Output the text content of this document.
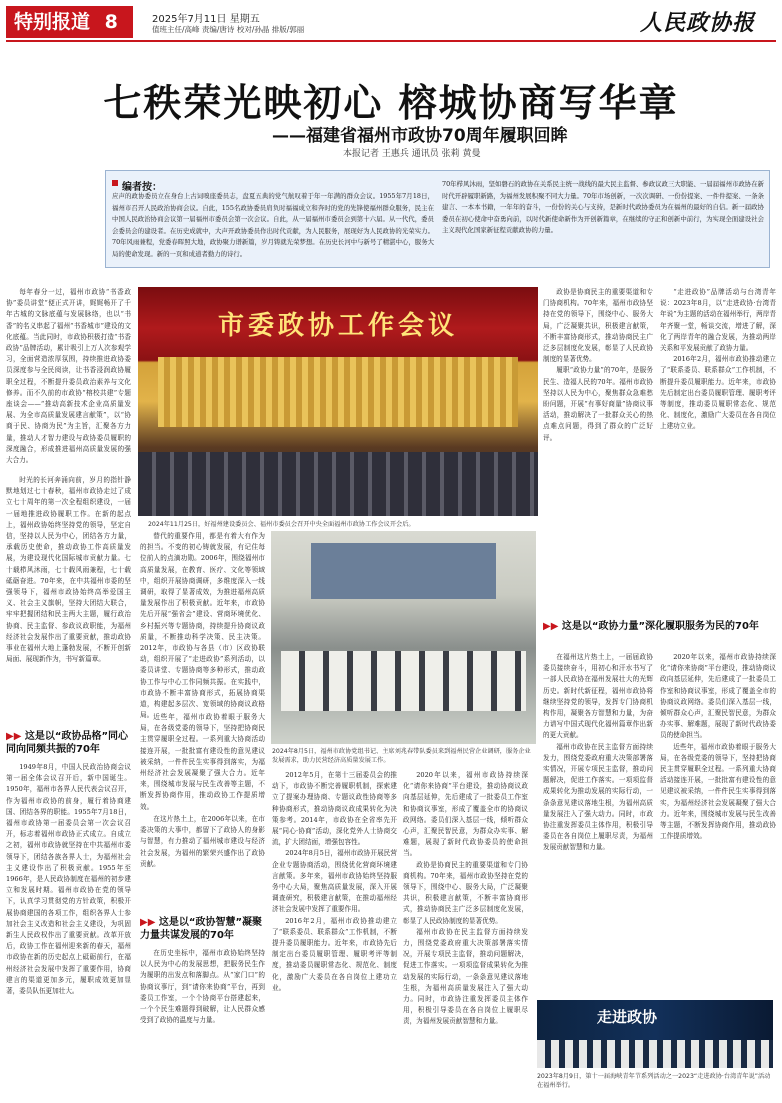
特别报道 8	2025年7月11日 星期五
值班主任/高峰 责编/唐诗 校对/孙晶 排版/郭丽	人民政协报
七秩荣光映初心 榕城协商写华章
——福建省福州市政协70周年履职回眸
本报记者 王惠兵 通讯员 张莉 黄曼
编者按：
应声的政协委员立在身台上古词嗅座委员志，盘夏五典的党气航叹着于年一年满的群众会议。1955年7月18日，福州市召开人民政治协商会议。自此，155名政协委员肩负时福福成立和奔时的党的先锋使福州群众服务，民主在中国人民政治协商会议第一届福州市委员会第一次会议。自此，从一届福州市委员会到第十六届。从一代代，委员会委员会的建设者。在历史成就中，大声开政协委员作出时代贡献，为人民服务，展现好为人民政协的光荣实力。70年风雨兼程，党委春晖照大地，政协聚力谱新篇，岁月铸就光荣梦想。在历史长河中与新号了精湛中心，服务大局的使命发现。新的一页和成道者勤力的诗行。
70年栉风沐雨，坚如磐石的政协在关系民主统一战线的最大民主监督、参政议政三大职能、一届届福州市政协在新时代开辟履职新路，为福州发展积聚不同大力量。70年市场创新，一次次调研、一份份提案、一件件提案、一条条建言、一本本书籍，一年年的奋斗，一份份的关心与支持，是新时代政协委员为在福州的最好的自信。新一届政协委员在初心使命中奋勇向前，以时代新使命新作为开创新篇章，在继续的守正和创新中前行，为实现全面建设社会主义现代化国家新征程贡献政协的力量。

每年春分一过，福州市政协“书香政协”委员讲堂“便正式开讲，娓娓畅开了千年古城的文脉底蕴与发展脉络，也以“书香”的名义串起了福州“书香城市”建设的文化底蕴。当此同时，市政协积极打造“书香政协”品牌活动，累计吸引上万人次参观学习，全面营造浓厚氛围，持续推进政协委员深度参与全民阅读，让书香浸润政协履职全过程，不断提升委员政治素养与文化修养。而不久前的市政协“榕校共建”专题座谈会——“推动高新技术企业高质量发展、为全市高质量发展建言献策”，以“协商于民、协商为民”为主旨，汇聚各方力量，推动人才智力建设与政协委员履职的深度融合，形成推进福州高质量发展的强大合力。

时光的长河奔涌向前，岁月的指针静默地划过七十春秋，福州市政协走过了成立七十周年的第一次全程组织建设，一届一届地推进政协履职工作。在新的起点上，福州政协始终坚持党的领导，坚定自信，坚持以人民为中心，团结各方力量，承载历史使命，推动政协工作高质量发展，为建设现代化国际城市贡献力量。七十载栉风沐雨，七十载风雨兼程，七十载砥砺奋进。70年来，在中共福州市委的坚强领导下，福州市政协始终高举爱国主义、社会主义旗帜，坚持大团结大联合，牢牢把握团结和民主两大主题，履行政治协商、民主监督、参政议政职能，为福州经济社会发展作出了重要贡献，推动政协事业在福州大地上蓬勃发展，不断开创新局面、展现新作为，书写新篇章。

▶▶ 这是以“政协品格”同心同向同频共振的70年

1949年8月，中国人民政治协商会议第一届全体会议召开后，新中国诞生。1950年，福州市各界人民代表会议召开，作为福州市政协的前身，履行着协商建国、团结各界的职能。1955年7月18日，福州市政协第一届委员会第一次会议召开，标志着福州市政协正式成立。自成立之初，福州市政协就坚持在中共福州市委领导下，团结各族各界人士，为福州社会主义建设作出了积极贡献。1955年至1966年，是人民政协制度在福州的初步建立和发展时期。福州市政协在党的领导下，认真学习贯彻党的方针政策，积极开展协商建国的各项工作，组织各界人士参加社会主义改造和社会主义建设，为巩固新生人民政权作出了重要贡献。改革开放后，政协工作在福州迎来新的春天，福州市政协在新的历史起点上砥砺前行，在福州经济社会发展中发挥了重要作用，协商建言的渠道更加多元，履职成效更加显著，委员队伍更加壮大。

市委政协工作会议
2024年11月25日，好福州建设委员会、福州市委员会召开中央全面福州市政协工作会议开会后。

替代的重要作用，都是有着大有作为的担当。不变的初心铸就发展，有记住每位前人的点滴功勋。2006年，围绕福州市高质量发展，在教育、医疗、文化等领域中，组织开展协商调研，多维度深入一线调研，取得了显著成效，为推进福州高质量发展作出了积极贡献。近年来，市政协先后开展“强省会”建设、营商环境优化、乡村振兴等专题协商，持续提升协商议政质量，不断推动科学决策、民主决策。2012年，市政协与各县（市）区政协联动，组织开展了“走进政协”系列活动，以委员讲堂、专题协商等多种形式，推动政协工作与中心工作同频共振。在实践中，市政协不断丰富协商形式，拓展协商渠道，构建起多层次、宽领域的协商议政格局。 近些年，福州市政协着眼于服务大局，在各级党委的领导下，坚持把协商民主贯穿履职全过程。一系列重大协商活动接连开展，一批批富有建设性的意见建议被采纳，一件件民生实事得到落实，为福州经济社会发展凝聚了强大合力。近年来，围绕城市发展与民生改善等主题，不断发挥协商作用，推动政协工作提质增效。

在这片热土上，在2006年以来，在市委决策的大事中，都留下了政协人的身影与智慧，有力推动了福州城市建设与经济社会发展，为福州的繁荣兴盛作出了政协贡献。

▶▶ 这是以“政协智慧”凝聚力量共谋发展的70年

在历史坐标中，福州市政协始终坚持以人民为中心的发展思想，把服务民生作为履职的出发点和落脚点。从“家门口”的协商议事厅，到“请你来协商”平台，再到委员工作室，一个个协商平台搭建起来，一个个民生难题得到破解，让人民群众感受到了政协的温度与力量。

2024年8月5日，福州市政协党组书记、主席刘兆春带队委员来到福州民营企业调研，服务企业发展需求，助力民营经济高质量发展工作。

2012年5月，在第十三届委员会的推动下，市政协不断完善履职机制，探索建立了提案办理协商、专题议政性协商等多种协商形式，推动协商议政成果转化为决策参考。2014年，市政协在全省率先开展“同心·协商”活动，深化党外人士协商交流，扩大团结面，增强包容性。

2024年8月5日，福州市政协开展民营企业专题协商活动，围绕优化营商环境建言献策。多年来，福州市政协始终坚持服务中心大局，聚焦高质量发展，深入开展调查研究，积极建言献策，在推动福州经济社会发展中发挥了重要作用。

2016年2月，福州市政协推动建立了“联系委员、联系群众”工作机制，不断提升委员履职能力。近年来，市政协先后制定出台委员履职管理、履职考评等制度，推动委员履职常态化、规范化、制度化，激励广大委员在各自岗位上建功立业。

2020年以来，福州市政协持续深化“请你来协商”平台建设，推动协商议政向基层延伸，先后建成了一批委员工作室和协商议事室，形成了覆盖全市的协商议政网络。委员们深入基层一线，倾听群众心声，汇聚民智民意，为群众办实事、解难题，展现了新时代政协委员的使命担当。

政协是协商民主的重要渠道和专门协商机构。70年来，福州市政协坚持在党的领导下，围绕中心、服务大局，广泛凝聚共识，积极建言献策，不断丰富协商形式，推动协商民主广泛多层制度化发展，彰显了人民政协制度的显著优势。

福州市政协在民主监督方面持续发力，围绕党委政府重大决策部署落实情况，开展专项民主监督，推动问题解决，促进工作落实。一项项监督成果转化为推动发展的实际行动，一条条意见建议落地生根，为福州高质量发展注入了强大动力。同时，市政协注重发挥委员主体作用，积极引导委员在各自岗位上履职尽责，为福州发展贡献智慧和力量。

政协是协商民主的重要渠道和专门协商机构。70年来，福州市政协坚持在党的领导下，围绕中心、服务大局，广泛凝聚共识，积极建言献策，不断丰富协商形式，推动协商民主广泛多层制度化发展，彰显了人民政协制度的显著优势。

履职“政协力量”的70年，是服务民生、造福人民的70年。福州市政协坚持以人民为中心，聚焦群众急难愁盼问题，开展“有事好商量”协商议事活动，推动解决了一批群众关心的热点难点问题，得到了群众的广泛好评。

“走进政协”品牌活动与台湾青年说：2023年8月，以“走进政协·台湾青年说”为主题的活动在福州举行，两岸青年齐聚一堂，畅谈交流，增进了解，深化了两岸青年的融合发展，为推动两岸关系和平发展贡献了政协力量。

2016年2月，福州市政协推动建立了“联系委员、联系群众”工作机制，不断提升委员履职能力。近年来，市政协先后制定出台委员履职管理、履职考评等制度，推动委员履职常态化、规范化、制度化，激励广大委员在各自岗位上建功立业。

▶▶ 这是以“政协力量”深化履职服务为民的70年

在福州这片热土上，一届届政协委员接续奋斗，用初心和汗水书写了一部人民政协在福州发展壮大的光辉历史。新时代新征程，福州市政协将继续坚持党的领导，发挥专门协商机构作用，凝聚各方智慧和力量，为奋力谱写中国式现代化福州篇章作出新的更大贡献。

福州市政协在民主监督方面持续发力，围绕党委政府重大决策部署落实情况，开展专项民主监督，推动问题解决，促进工作落实。一项项监督成果转化为推动发展的实际行动，一条条意见建议落地生根，为福州高质量发展注入了强大动力。同时，市政协注重发挥委员主体作用，积极引导委员在各自岗位上履职尽责，为福州发展贡献智慧和力量。

2020年以来，福州市政协持续深化“请你来协商”平台建设，推动协商议政向基层延伸，先后建成了一批委员工作室和协商议事室，形成了覆盖全市的协商议政网络。委员们深入基层一线，倾听群众心声，汇聚民智民意，为群众办实事、解难题，展现了新时代政协委员的使命担当。

近些年，福州市政协着眼于服务大局，在各级党委的领导下，坚持把协商民主贯穿履职全过程。一系列重大协商活动接连开展，一批批富有建设性的意见建议被采纳，一件件民生实事得到落实，为福州经济社会发展凝聚了强大合力。近年来，围绕城市发展与民生改善等主题，不断发挥协商作用，推动政协工作提质增效。

走进政协
2023年8月9日，第十一届海峡青年节系列活动之一2023“走进政协·台湾青年说”活动在福州举行。
